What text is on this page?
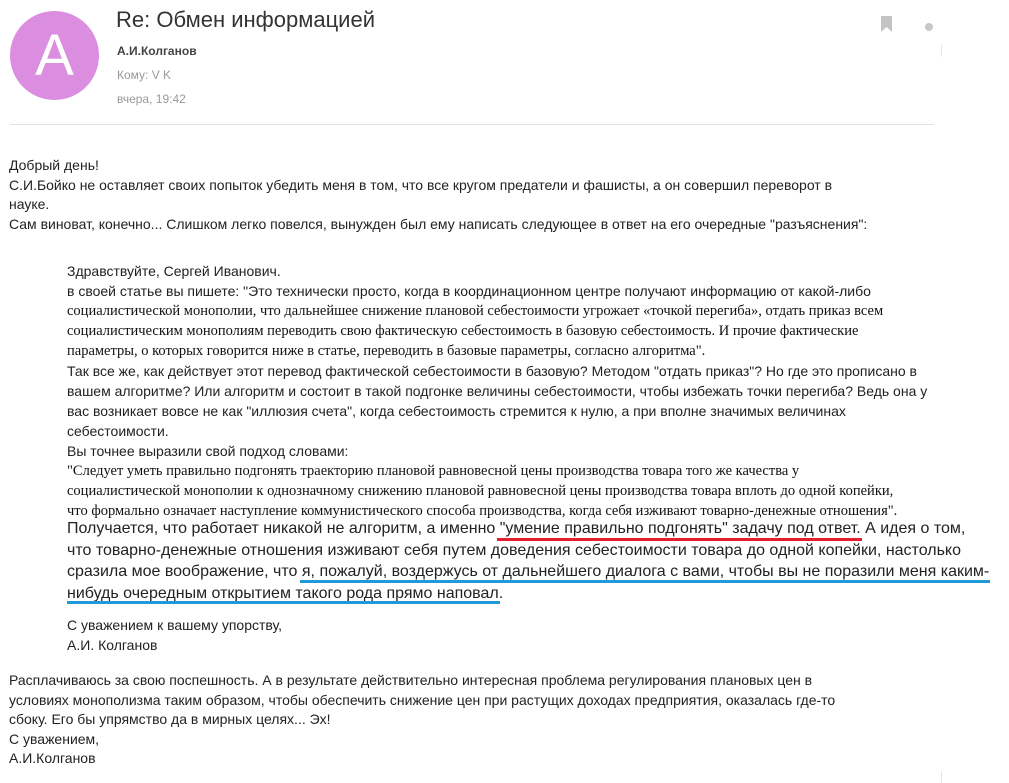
A
Re: Обмен информацией
А.И.Колганов
Кому: V K
вчера, 19:42
Добрый день!
С.И.Бойко не оставляет своих попыток убедить меня в том, что все кругом предатели и фашисты, а он совершил переворот в
науке.
Сам виноват, конечно... Слишком легко повелся, вынужден был ему написать следующее в ответ на его очередные "разъяснения":
Здравствуйте, Сергей Иванович.
в своей статье вы пишете: "Это технически просто, когда в координационном центре получают информацию от какой-либо
социалистической монополии, что дальнейшее снижение плановой себестоимости угрожает «точкой перегиба», отдать приказ всем
социалистическим монополиям переводить свою фактическую себестоимость в базовую себестоимость. И прочие фактические
параметры, о которых говорится ниже в статье, переводить в базовые параметры, согласно алгоритма".
Так все же, как действует этот перевод фактической себестоимости в базовую? Методом "отдать приказ"? Но где это прописано в
вашем алгоритме? Или алгоритм и состоит в такой подгонке величины себестоимости, чтобы избежать точки перегиба? Ведь она у
вас возникает вовсе не как "иллюзия счета", когда себестоимость стремится к нулю, а при вполне значимых величинах
себестоимости.
Вы точнее выразили свой подход словами:
"Следует уметь правильно подгонять траекторию плановой равновесной цены производства товара того же качества у
социалистической монополии к однозначному снижению плановой равновесной цены производства товара вплоть до одной копейки,
что формально означает наступление коммунистического способа производства, когда себя изживают товарно-денежные отношения".
Получается, что работает никакой не алгоритм, а именно "умение правильно подгонять" задачу под ответ. А идея о том,
что товарно-денежные отношения изживают себя путем доведения себестоимости товара до одной копейки, настолько
сразила мое воображение, что я, пожалуй, воздержусь от дальнейшего диалога с вами, чтобы вы не поразили меня каким-
нибудь очередным открытием такого рода прямо наповал.
С уважением к вашему упорству,
А.И. Колганов
Расплачиваюсь за свою поспешность. А в результате действительно интересная проблема регулирования плановых цен в
условиях монополизма таким образом, чтобы обеспечить снижение цен при растущих доходах предприятия, оказалась где-то
сбоку. Его бы упрямство да в мирных целях... Эх!
С уважением,
А.И.Колганов
